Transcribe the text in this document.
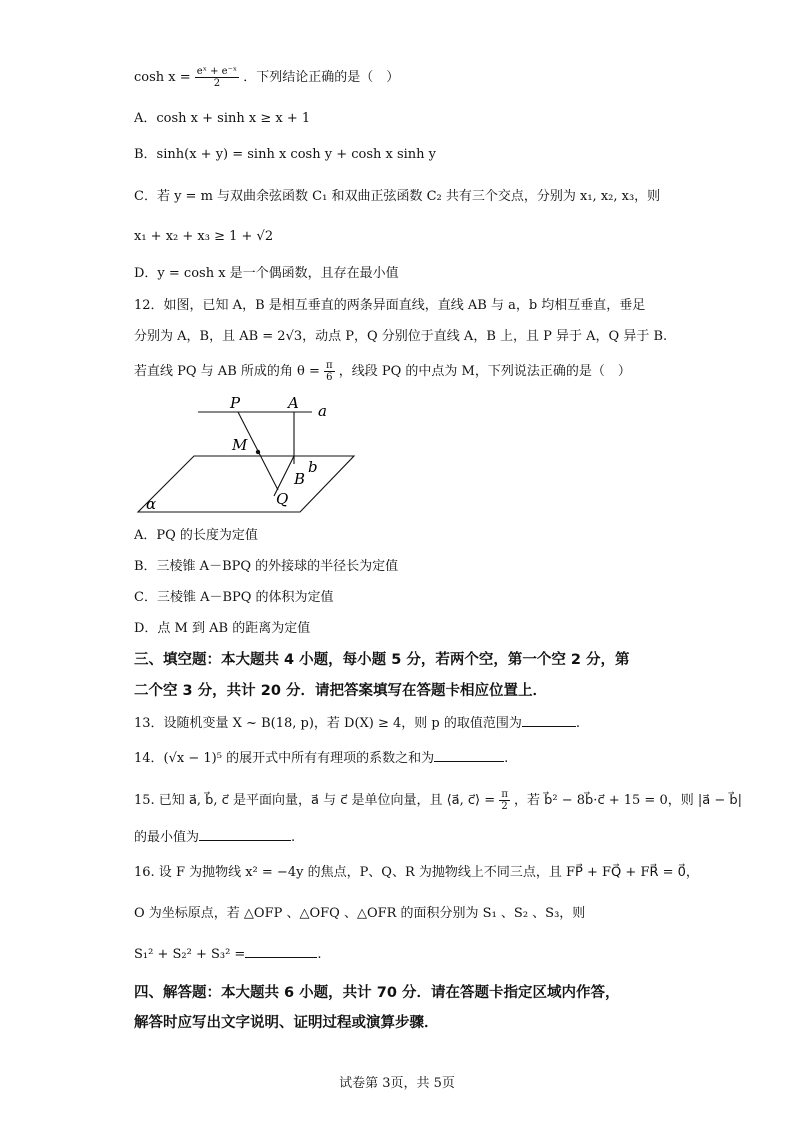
$\cosh x = \frac{\text{eˣ + e⁻ˣ}}{2}$ ．下列结论正确的是（　）
A．cosh x + sinh x ≥ x + 1
B．sinh(x + y) = sinh x cosh y + cosh x sinh y
C．若 y = m 与双曲余弦函数 C₁ 和双曲正弦函数 C₂ 共有三个交点，分别为 x₁, x₂, x₃，则
x₁ + x₂ + x₃ ≥ 1 + √2
D．y = cosh x 是一个偶函数，且存在最小值
12．如图，已知 A，B 是相互垂直的两条异面直线，直线 AB 与 a，b 均相互垂直，垂足
分别为 A，B，且 AB = 2√3，动点 P，Q 分别位于直线 A，B 上，且 P 异于 A，Q 异于 B.
若直线 PQ 与 AB 所成的角 $\theta = \frac{\pi}{6}$ ，线段 PQ 的中点为 M，下列说法正确的是（　）
P	A a
M
b
B
Q
α
A．PQ 的长度为定值
B．三棱锥 A－BPQ 的外接球的半径长为定值
C．三棱锥 A－BPQ 的体积为定值
D．点 M 到 AB 的距离为定值
三、填空题：本大题共 4 小题，每小题 5 分，若两个空，第一个空 2 分，第
二个空 3 分，共计 20 分．请把答案填写在答题卡相应位置上．
13．设随机变量 X ~ B(18, p)，若 D(X) ≥ 4，则 p 的取值范围为	.
14．(√x − 1)⁵ 的展开式中所有有理项的系数之和为	.
15. 已知 a⃗, b⃗, c⃗ 是平面向量，a⃗ 与 c⃗ 是单位向量，且 ⟨a⃗, c⃗⟩ = $\frac{\pi}{2}$ ，若 b⃗² − 8b⃗·c⃗ + 15 = 0，则 |a⃗ − b⃗|
的最小值为	.
16. 设 F 为抛物线 x² = −4y 的焦点，P、Q、R 为抛物线上不同三点，且 FP⃗ + FQ⃗ + FR⃗ = 0⃗，
O 为坐标原点，若 △OFP 、△OFQ 、△OFR 的面积分别为 S₁ 、S₂ 、S₃，则
S₁² + S₂² + S₃² =	.
四、解答题：本大题共 6 小题，共计 70 分．请在答题卡指定区域内作答，
解答时应写出文字说明、证明过程或演算步骤．
试卷第 3页，共 5页
